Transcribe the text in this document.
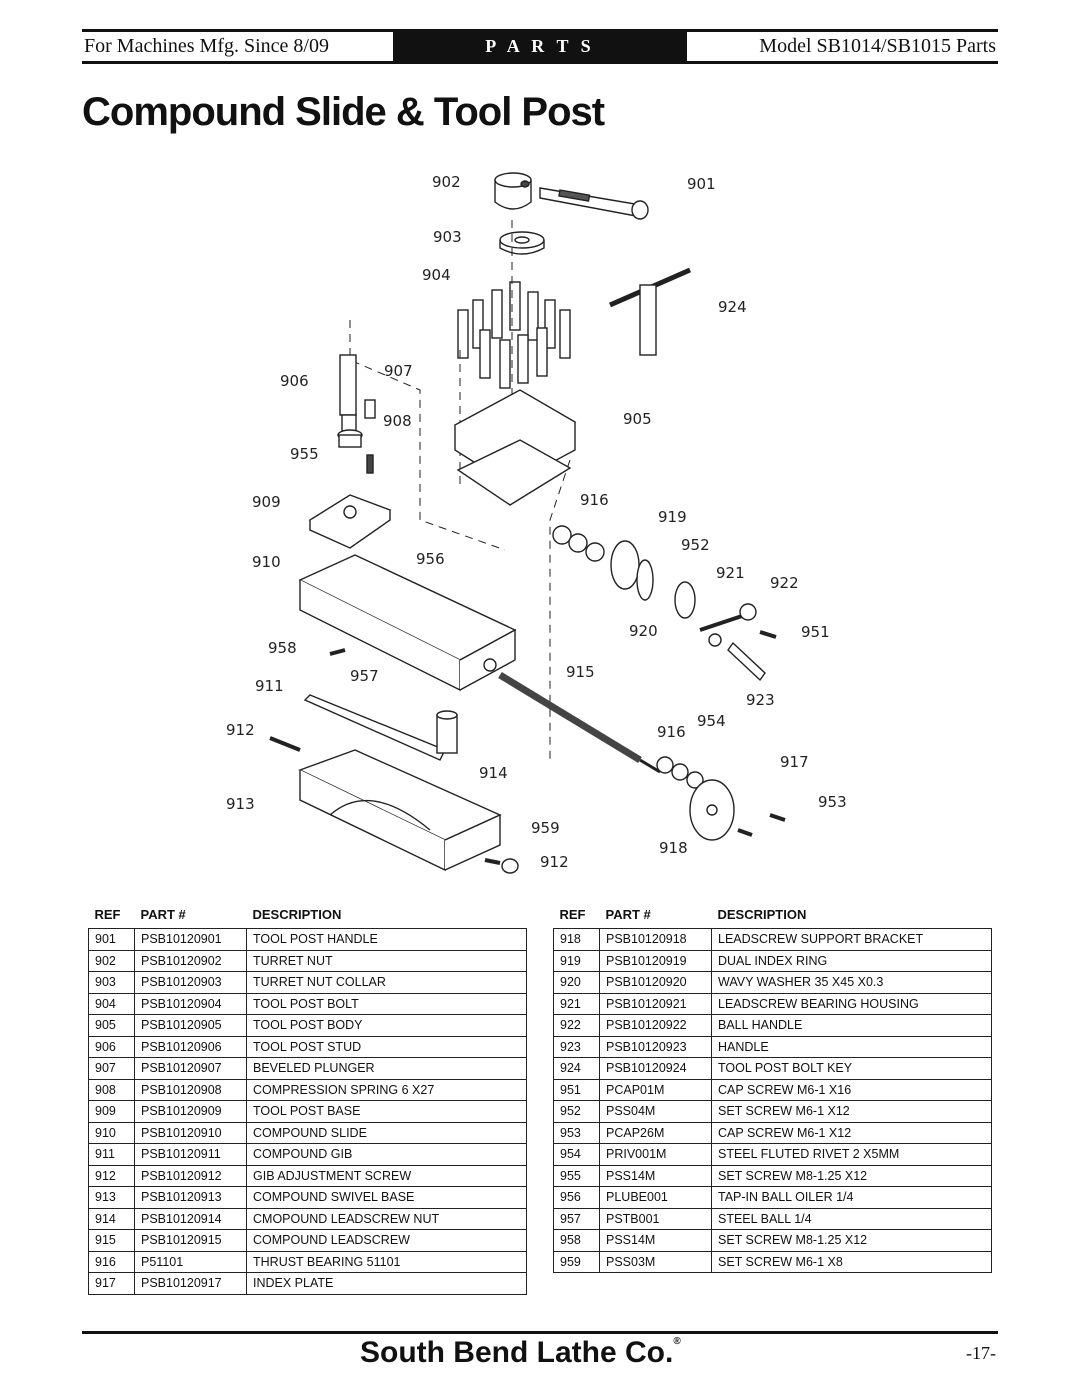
For Machines Mfg. Since 8/09	P A R T S	Model SB1014/SB1015 Parts
Compound Slide & Tool Post
902	901
903
904
924
906
907
908	905
955
909	916
919
952
910	956
921
922
920	951
958
957	915
911
923
912	954
916
917
914
913	953
959
918
912
REF	PART #	DESCRIPTION
901	PSB10120901	TOOL POST HANDLE
902	PSB10120902	TURRET NUT
903	PSB10120903	TURRET NUT COLLAR
904	PSB10120904	TOOL POST BOLT
905	PSB10120905	TOOL POST BODY
906	PSB10120906	TOOL POST STUD
907	PSB10120907	BEVELED PLUNGER
908	PSB10120908	COMPRESSION SPRING 6 X27
909	PSB10120909	TOOL POST BASE
910	PSB10120910	COMPOUND SLIDE
911	PSB10120911	COMPOUND GIB
912	PSB10120912	GIB ADJUSTMENT SCREW
913	PSB10120913	COMPOUND SWIVEL BASE
914	PSB10120914	CMOPOUND LEADSCREW NUT
915	PSB10120915	COMPOUND LEADSCREW
916	P51101	THRUST BEARING 51101
917	PSB10120917	INDEX PLATE
REF	PART #	DESCRIPTION
918	PSB10120918	LEADSCREW SUPPORT BRACKET
919	PSB10120919	DUAL INDEX RING
920	PSB10120920	WAVY WASHER 35 X45 X0.3
921	PSB10120921	LEADSCREW BEARING HOUSING
922	PSB10120922	BALL HANDLE
923	PSB10120923	HANDLE
924	PSB10120924	TOOL POST BOLT KEY
951	PCAP01M	CAP SCREW M6-1 X16
952	PSS04M	SET SCREW M6-1 X12
953	PCAP26M	CAP SCREW M6-1 X12
954	PRIV001M	STEEL FLUTED RIVET 2 X5MM
955	PSS14M	SET SCREW M8-1.25 X12
956	PLUBE001	TAP-IN BALL OILER 1/4
957	PSTB001	STEEL BALL 1/4
958	PSS14M	SET SCREW M8-1.25 X12
959	PSS03M	SET SCREW M6-1 X8
South Bend Lathe Co.®
-17-
